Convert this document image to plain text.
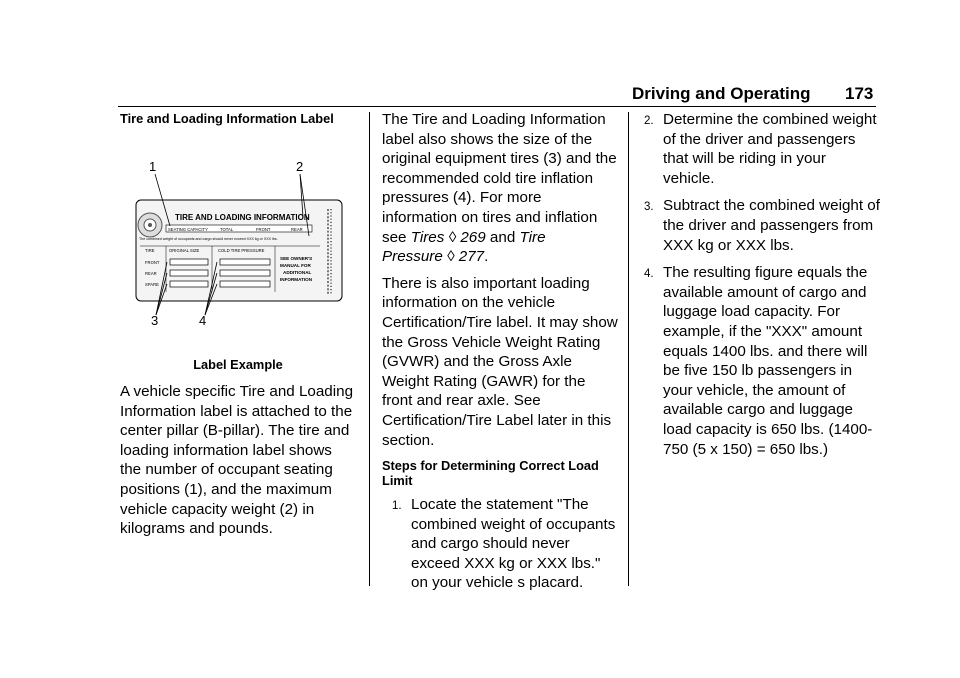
Driving and Operating 173
Tire and Loading Information Label
1	2
3	4
TIRE AND LOADING INFORMATION
SEATING CAPACITY	TOTAL	FRONT	REAR
The combined weight of occupants and cargo should never exceed XXX kg or XXX lbs.
TIRE	ORIGINAL SIZE	COLD TIRE PRESSURE
FRONT
REAR
SPARE
SEE OWNER'S
MANUAL FOR
ADDITIONAL
INFORMATION
Label Example

A vehicle specific Tire and Loading Information label is attached to the center pillar (B-pillar). The tire and loading information label shows the number of occupant seating positions (1), and the maximum vehicle capacity weight (2) in kilograms and pounds.

The Tire and Loading Information label also shows the size of the original equipment tires (3) and the recommended cold tire inflation pressures (4). For more information on tires and inflation see Tires ◊ 269 and Tire Pressure ◊ 277.

There is also important loading information on the vehicle Certification/Tire label. It may show the Gross Vehicle Weight Rating (GVWR) and the Gross Axle Weight Rating (GAWR) for the front and rear axle. See Certification/Tire Label later in this section.

Steps for Determining Correct Load Limit
1. Locate the statement "The combined weight of occupants and cargo should never exceed XXX kg or XXX lbs." on your vehicle s placard.
2. Determine the combined weight of the driver and passengers that will be riding in your vehicle.
3. Subtract the combined weight of the driver and passengers from XXX kg or XXX lbs.
4. The resulting figure equals the available amount of cargo and luggage load capacity. For example, if the "XXX" amount equals 1400 lbs. and there will be five 150 lb passengers in your vehicle, the amount of available cargo and luggage load capacity is 650 lbs. (1400-750 (5 x 150) = 650 lbs.)
